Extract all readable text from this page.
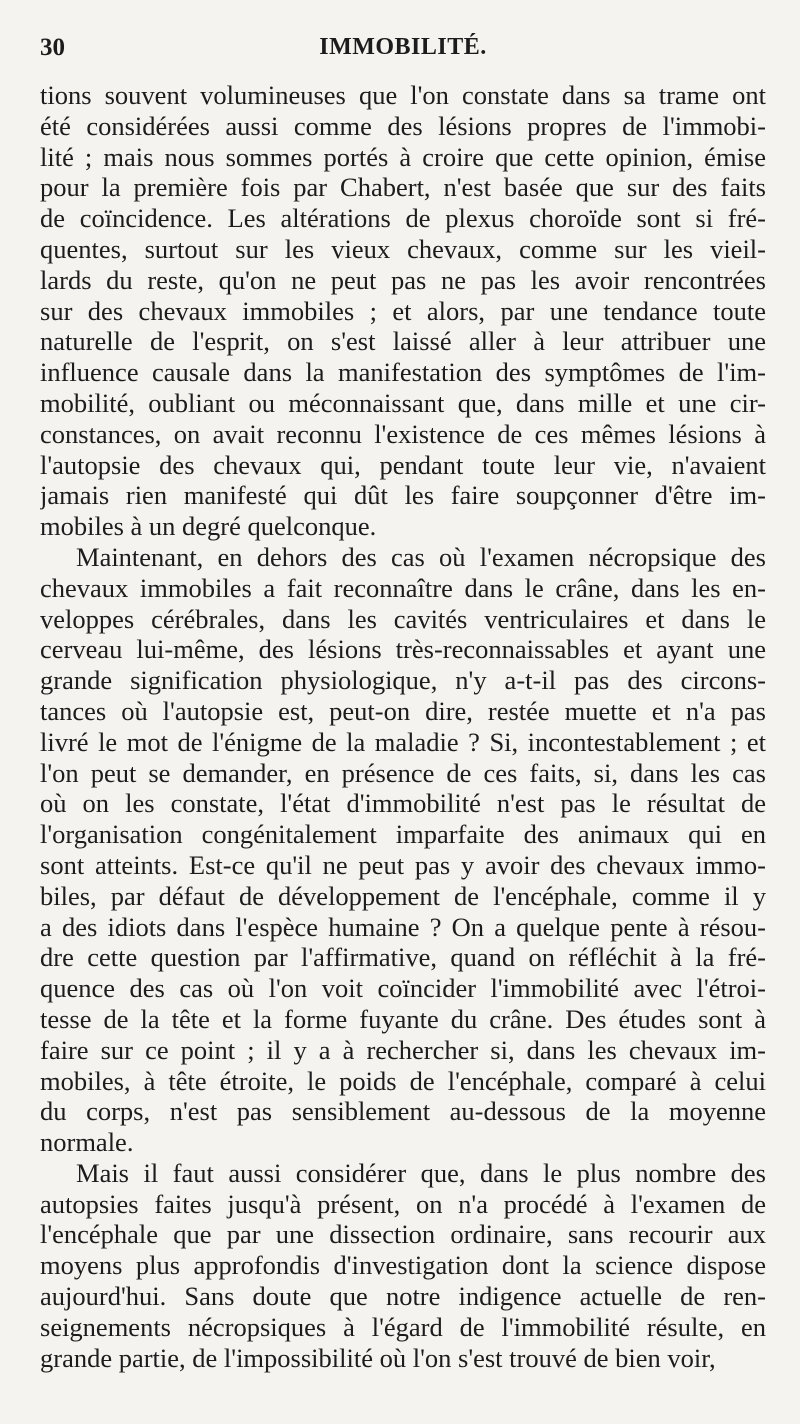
30	IMMOBILITÉ.
tions souvent volumineuses que l'on constate dans sa trame ont
été considérées aussi comme des lésions propres de l'immobi-
lité ; mais nous sommes portés à croire que cette opinion, émise
pour la première fois par Chabert, n'est basée que sur des faits
de coïncidence. Les altérations de plexus choroïde sont si fré-
quentes, surtout sur les vieux chevaux, comme sur les vieil-
lards du reste, qu'on ne peut pas ne pas les avoir rencontrées
sur des chevaux immobiles ; et alors, par une tendance toute
naturelle de l'esprit, on s'est laissé aller à leur attribuer une
influence causale dans la manifestation des symptômes de l'im-
mobilité, oubliant ou méconnaissant que, dans mille et une cir-
constances, on avait reconnu l'existence de ces mêmes lésions à
l'autopsie des chevaux qui, pendant toute leur vie, n'avaient
jamais rien manifesté qui dût les faire soupçonner d'être im-
mobiles à un degré quelconque.
Maintenant, en dehors des cas où l'examen nécropsique des
chevaux immobiles a fait reconnaître dans le crâne, dans les en-
veloppes cérébrales, dans les cavités ventriculaires et dans le
cerveau lui-même, des lésions très-reconnaissables et ayant une
grande signification physiologique, n'y a-t-il pas des circons-
tances où l'autopsie est, peut-on dire, restée muette et n'a pas
livré le mot de l'énigme de la maladie ? Si, incontestablement ; et
l'on peut se demander, en présence de ces faits, si, dans les cas
où on les constate, l'état d'immobilité n'est pas le résultat de
l'organisation congénitalement imparfaite des animaux qui en
sont atteints. Est-ce qu'il ne peut pas y avoir des chevaux immo-
biles, par défaut de développement de l'encéphale, comme il y
a des idiots dans l'espèce humaine ? On a quelque pente à résou-
dre cette question par l'affirmative, quand on réfléchit à la fré-
quence des cas où l'on voit coïncider l'immobilité avec l'étroi-
tesse de la tête et la forme fuyante du crâne. Des études sont à
faire sur ce point ; il y a à rechercher si, dans les chevaux im-
mobiles, à tête étroite, le poids de l'encéphale, comparé à celui
du corps, n'est pas sensiblement au-dessous de la moyenne
normale.
Mais il faut aussi considérer que, dans le plus nombre des
autopsies faites jusqu'à présent, on n'a procédé à l'examen de
l'encéphale que par une dissection ordinaire, sans recourir aux
moyens plus approfondis d'investigation dont la science dispose
aujourd'hui. Sans doute que notre indigence actuelle de ren-
seignements nécropsiques à l'égard de l'immobilité résulte, en
grande partie, de l'impossibilité où l'on s'est trouvé de bien voir,
